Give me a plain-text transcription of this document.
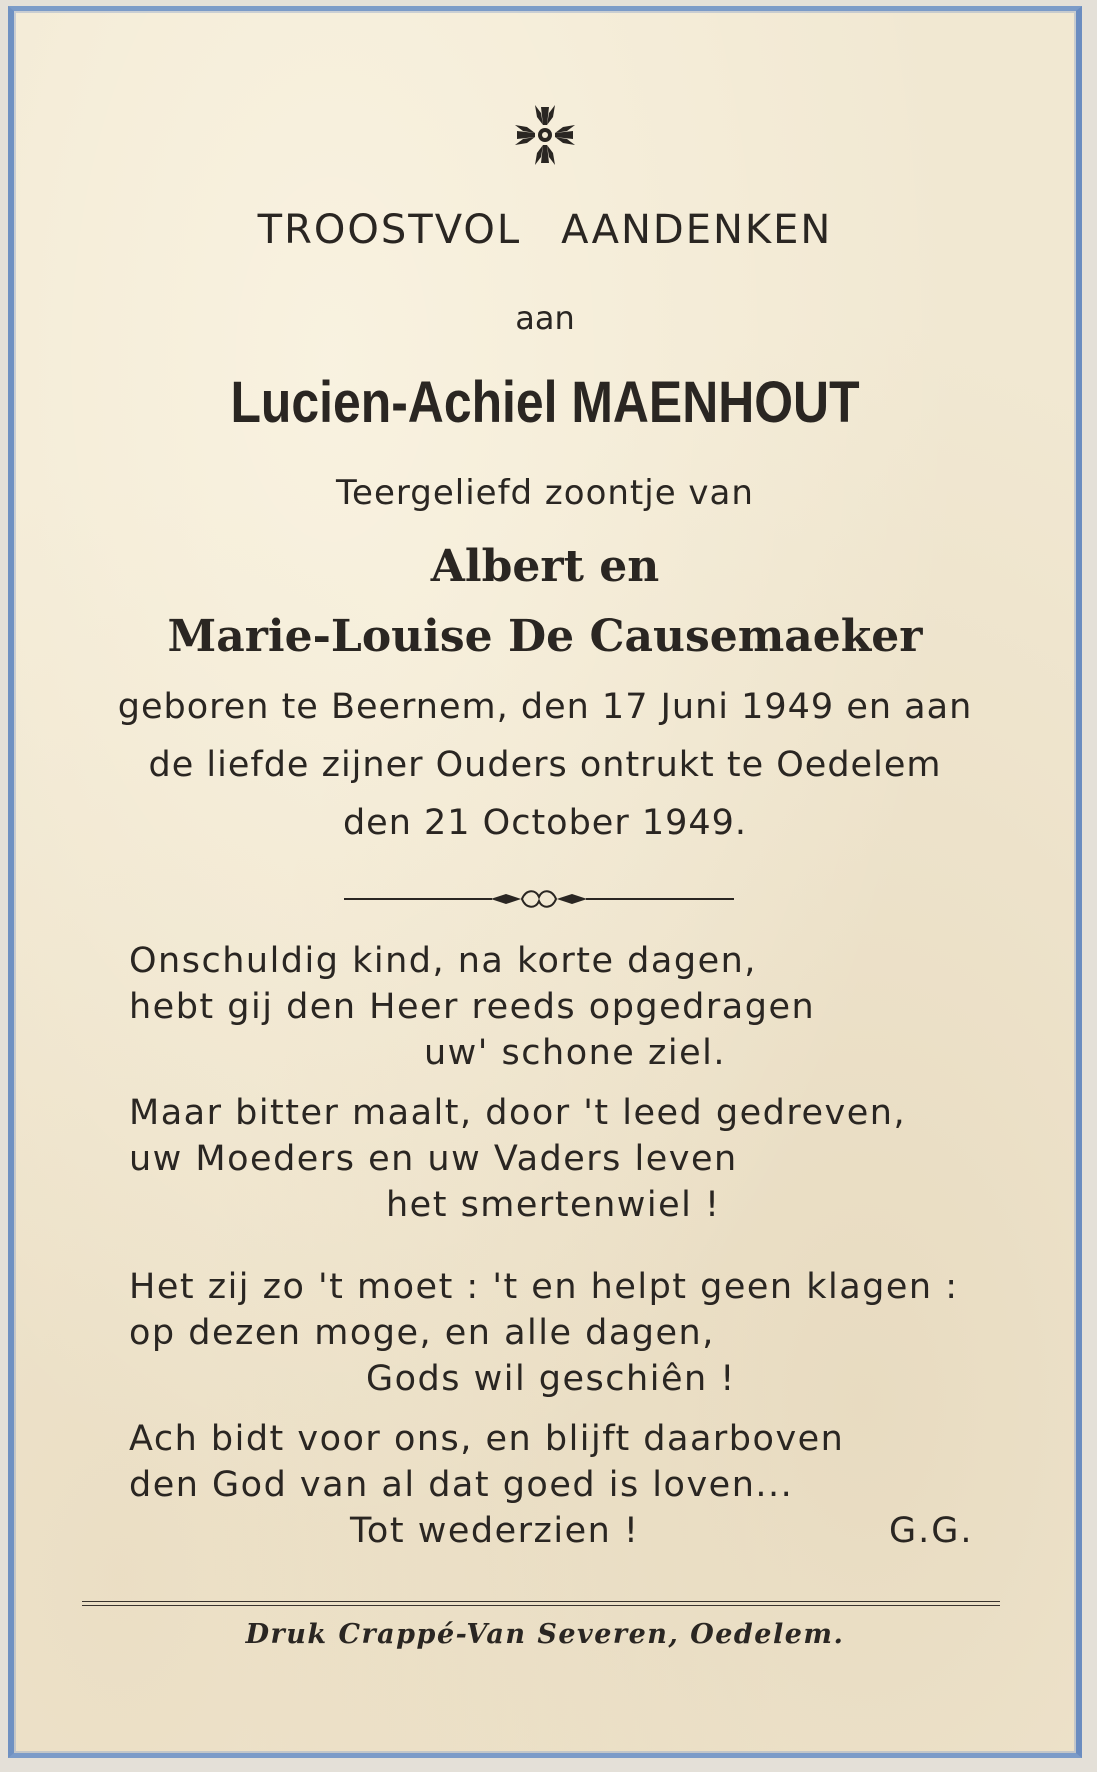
TROOSTVOL AANDENKEN
aan
Lucien-Achiel MAENHOUT
Teergeliefd zoontje van
Albert en
Marie-Louise De Causemaeker
geboren te Beernem, den 17 Juni 1949 en aan
de liefde zijner Ouders ontrukt te Oedelem
den 21 October 1949.
Onschuldig kind, na korte dagen,
hebt gij den Heer reeds opgedragen
uw' schone ziel.
Maar bitter maalt, door 't leed gedreven,
uw Moeders en uw Vaders leven
het smertenwiel !
Het zij zo 't moet : 't en helpt geen klagen :
op dezen moge, en alle dagen,
Gods wil geschiên !
Ach bidt voor ons, en blijft daarboven
den God van al dat goed is loven...
Tot wederzien !	G.G.
Druk Crappé-Van Severen, Oedelem.
